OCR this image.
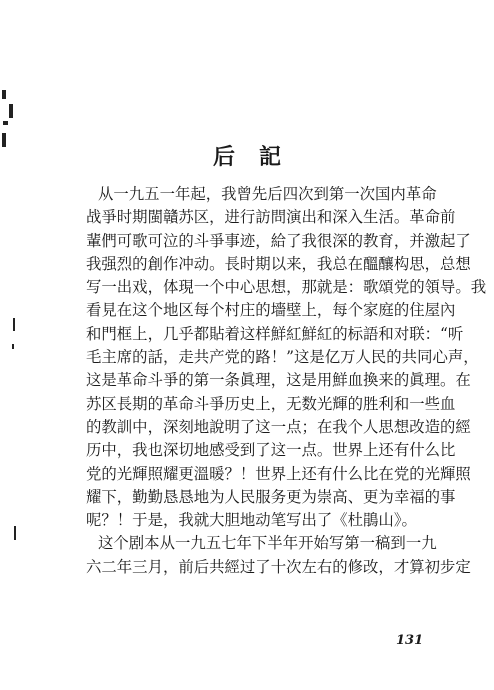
后記
从一九五一年起，我曾先后四次到第一次国内革命
战爭时期閩贛苏区，进行訪問演出和深入生活。革命前
輩們可歌可泣的斗爭事迹，給了我很深的教育，并激起了
我强烈的創作冲动。長时期以来，我总在醞釀构思，总想
写一出戏，体現一个中心思想，那就是：歌頌党的領导。我
看見在这个地区每个村庄的墻壁上，每个家庭的住屋內
和門框上，几乎都貼着这样鮮紅鮮紅的标語和对联：“听
毛主席的話，走共产党的路！”这是亿万人民的共同心声，
这是革命斗爭的第一条眞理，这是用鮮血換来的眞理。在
苏区長期的革命斗爭历史上，无数光輝的胜利和一些血
的教訓中，深刻地說明了这一点；在我个人思想改造的經
历中，我也深切地感受到了这一点。世界上还有什么比
党的光輝照耀更溫暖？！世界上还有什么比在党的光輝照
耀下，勤勤恳恳地为人民服务更为崇高、更为幸福的事
呢？！于是，我就大胆地动笔写出了《杜鵑山》。
这个剧本从一九五七年下半年开始写第一稿到一九
六二年三月，前后共經过了十次左右的修改，才算初步定
131
